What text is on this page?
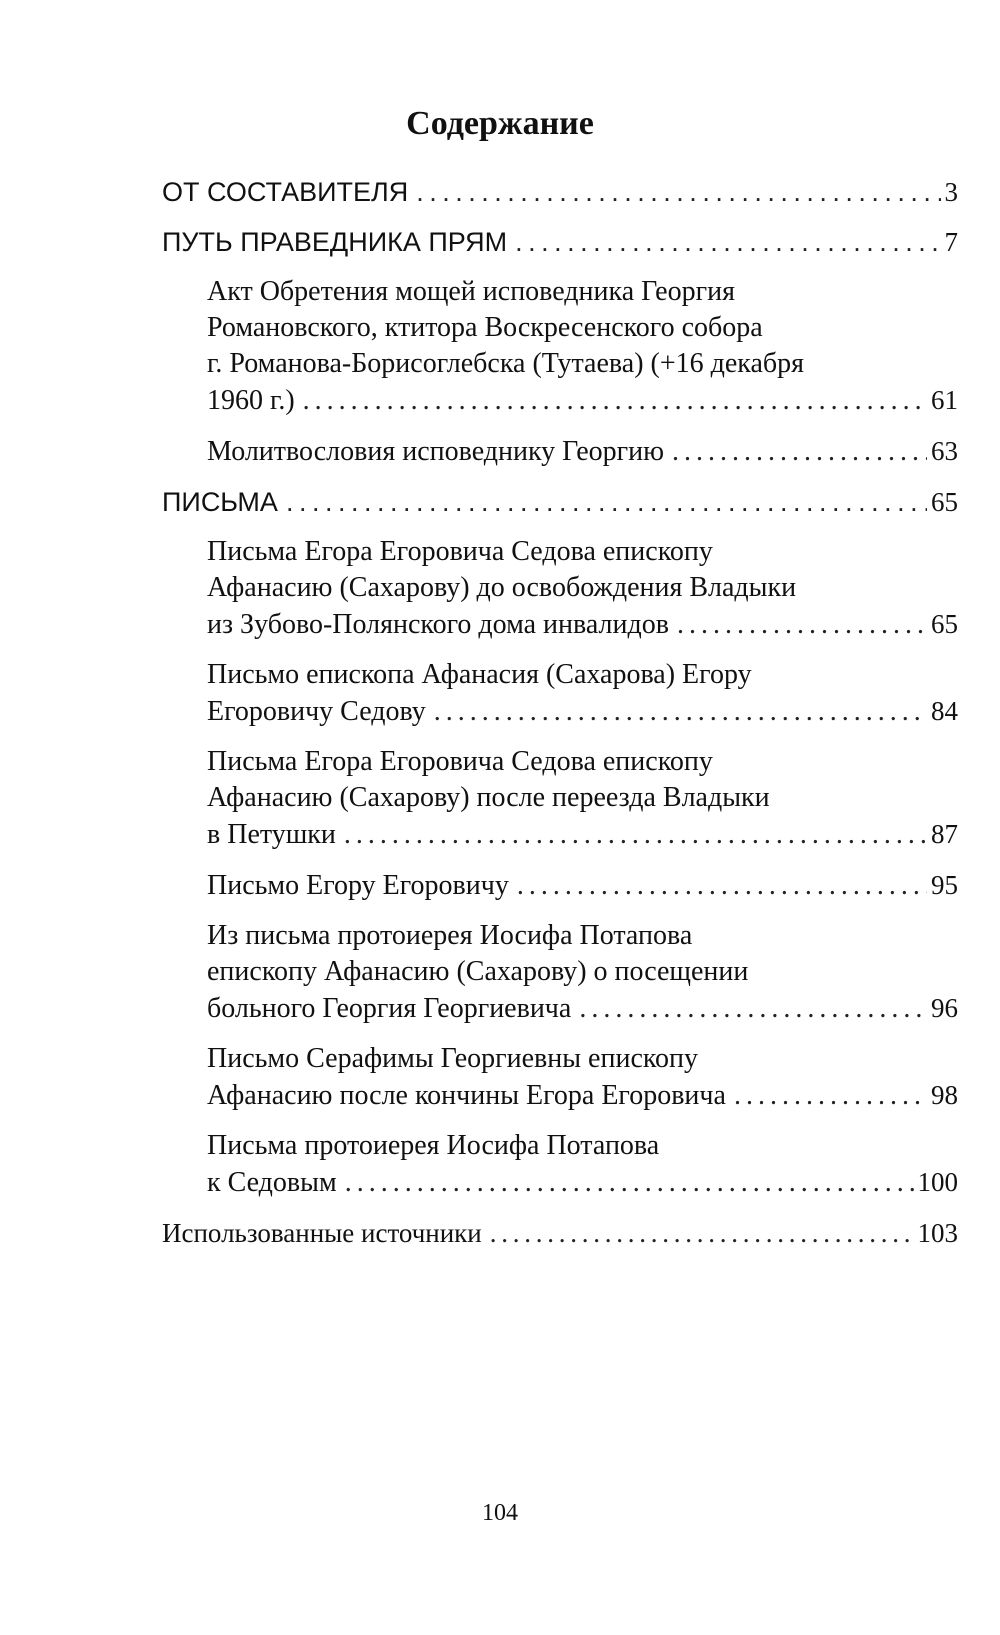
Содержание
ОТ СОСТАВИТЕЛЯ . . .	3
ПУТЬ ПРАВЕДНИКА ПРЯМ . . .	7
Акт Обретения мощей исповедника Георгия
Романовского, ктитора Воскресенского собора
г. Романова-Борисоглебска (Тутаева) (+16 декабря
1960 г.) . . .	61
Молитвословия исповеднику Георгию . . .	63
ПИСЬМА . . .	65
Письма Егора Егоровича Седова епископу
Афанасию (Сахарову) до освобождения Владыки
из Зубово-Полянского дома инвалидов . . .	65
Письмо епископа Афанасия (Сахарова) Егору
Егоровичу Седову . . .	84
Письма Егора Егоровича Седова епископу
Афанасию (Сахарову) после переезда Владыки
в Петушки . . .	87
Письмо Егору Егоровичу . . .	95
Из письма протоиерея Иосифа Потапова
епископу Афанасию (Сахарову) о посещении
больного Георгия Георгиевича . . .	96
Письмо Серафимы Георгиевны епископу
Афанасию после кончины Егора Егоровича . . .	98
Письма протоиерея Иосифа Потапова
к Седовым . . .	100
Использованные источники . . .	103
104
